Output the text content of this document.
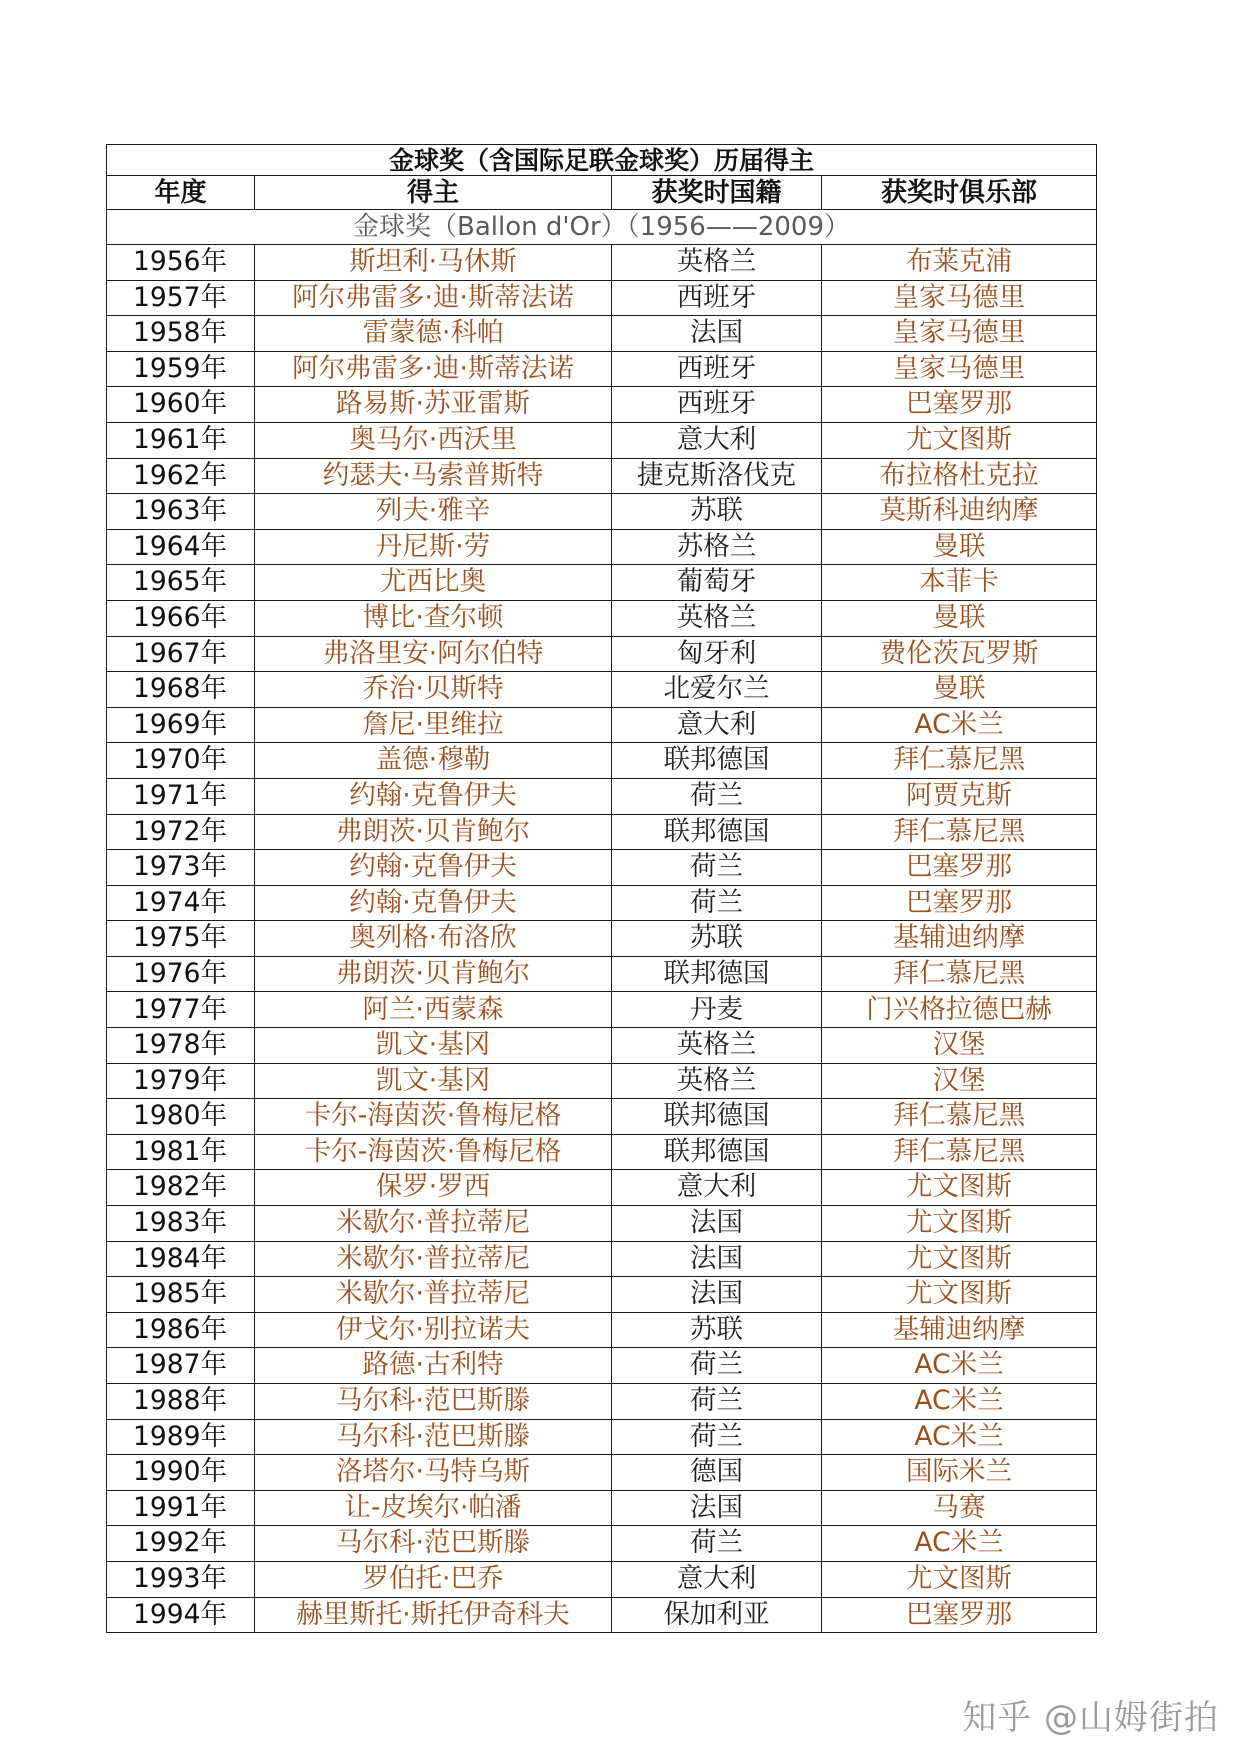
金球奖（含国际足联金球奖）历届得主			
年度	得主	获奖时国籍	获奖时俱乐部
金球奖（Ballon d'Or）（1956——2009）			
1956年	斯坦利·马休斯	英格兰	布莱克浦
1957年	阿尔弗雷多·迪·斯蒂法诺	西班牙	皇家马德里
1958年	雷蒙德·科帕	法国	皇家马德里
1959年	阿尔弗雷多·迪·斯蒂法诺	西班牙	皇家马德里
1960年	路易斯·苏亚雷斯	西班牙	巴塞罗那
1961年	奥马尔·西沃里	意大利	尤文图斯
1962年	约瑟夫·马索普斯特	捷克斯洛伐克	布拉格杜克拉
1963年	列夫·雅辛	苏联	莫斯科迪纳摩
1964年	丹尼斯·劳	苏格兰	曼联
1965年	尤西比奥	葡萄牙	本菲卡
1966年	博比·查尔顿	英格兰	曼联
1967年	弗洛里安·阿尔伯特	匈牙利	费伦茨瓦罗斯
1968年	乔治·贝斯特	北爱尔兰	曼联
1969年	詹尼·里维拉	意大利	AC米兰
1970年	盖德·穆勒	联邦德国	拜仁慕尼黑
1971年	约翰·克鲁伊夫	荷兰	阿贾克斯
1972年	弗朗茨·贝肯鲍尔	联邦德国	拜仁慕尼黑
1973年	约翰·克鲁伊夫	荷兰	巴塞罗那
1974年	约翰·克鲁伊夫	荷兰	巴塞罗那
1975年	奥列格·布洛欣	苏联	基辅迪纳摩
1976年	弗朗茨·贝肯鲍尔	联邦德国	拜仁慕尼黑
1977年	阿兰·西蒙森	丹麦	门兴格拉德巴赫
1978年	凯文·基冈	英格兰	汉堡
1979年	凯文·基冈	英格兰	汉堡
1980年	卡尔-海茵茨·鲁梅尼格	联邦德国	拜仁慕尼黑
1981年	卡尔-海茵茨·鲁梅尼格	联邦德国	拜仁慕尼黑
1982年	保罗·罗西	意大利	尤文图斯
1983年	米歇尔·普拉蒂尼	法国	尤文图斯
1984年	米歇尔·普拉蒂尼	法国	尤文图斯
1985年	米歇尔·普拉蒂尼	法国	尤文图斯
1986年	伊戈尔·别拉诺夫	苏联	基辅迪纳摩
1987年	路德·古利特	荷兰	AC米兰
1988年	马尔科·范巴斯滕	荷兰	AC米兰
1989年	马尔科·范巴斯滕	荷兰	AC米兰
1990年	洛塔尔·马特乌斯	德国	国际米兰
1991年	让-皮埃尔·帕潘	法国	马赛
1992年	马尔科·范巴斯滕	荷兰	AC米兰
1993年	罗伯托·巴乔	意大利	尤文图斯
1994年	赫里斯托·斯托伊奇科夫	保加利亚	巴塞罗那
知乎 @山姆街拍
